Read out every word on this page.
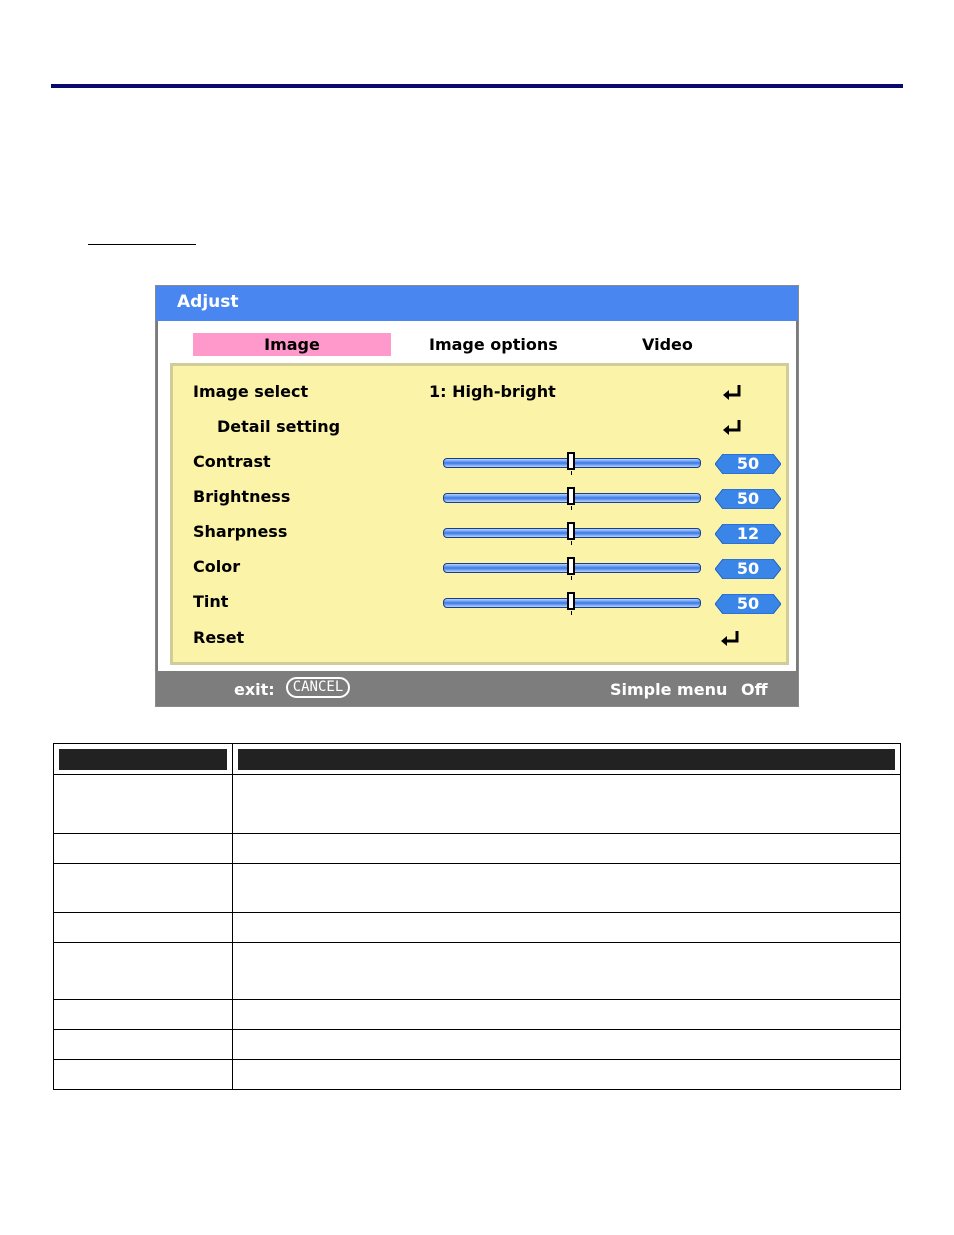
Adjust
Image	Image options	Video
Image select	1: High-bright
Detail setting
Contrast	50
Brightness	50
Sharpness	12
Color	50
Tint	50
Reset
exit:	CANCEL	Simple menu Off
